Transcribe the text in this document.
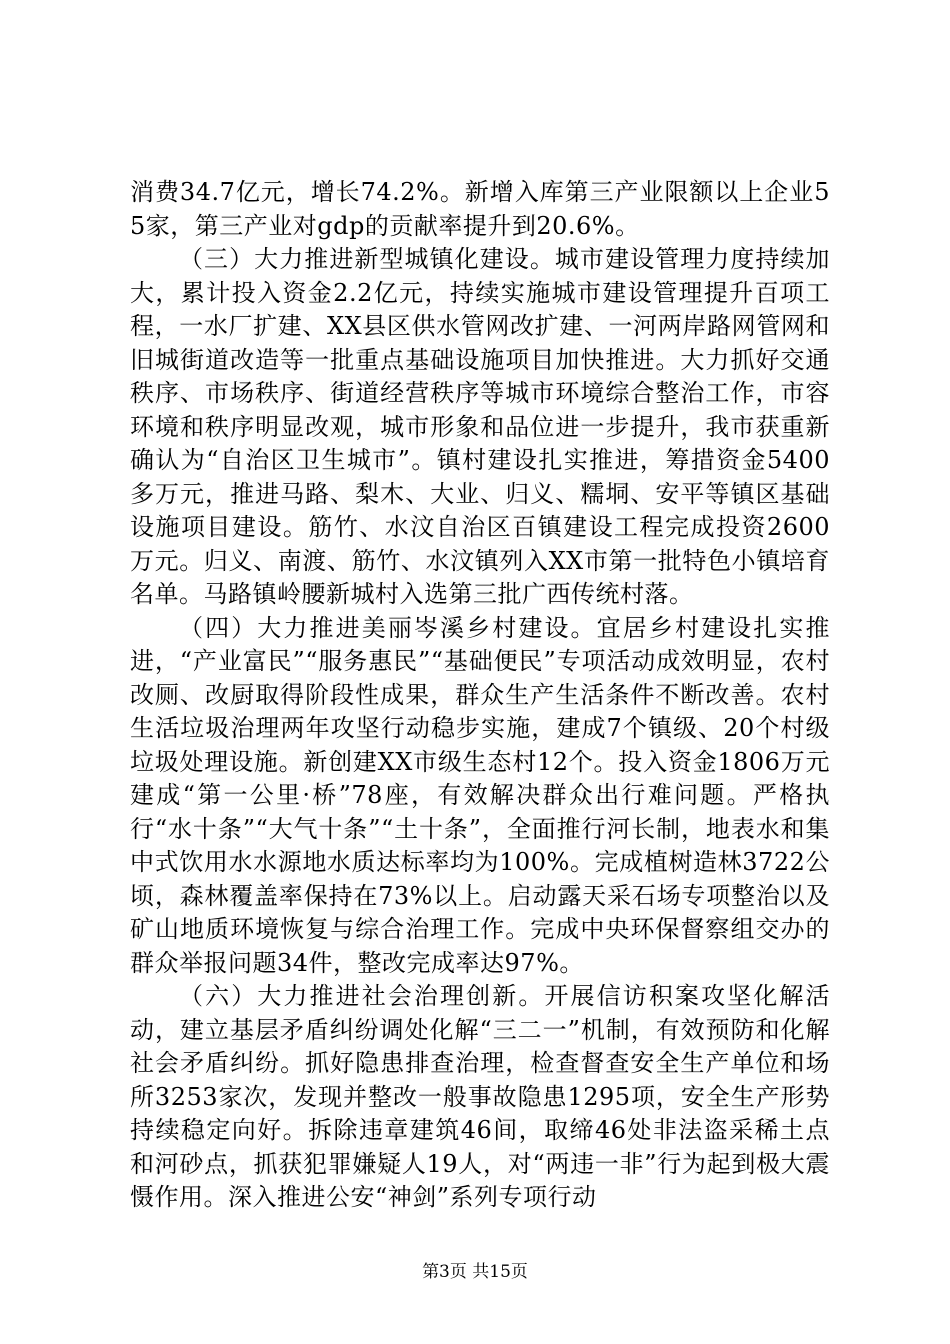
消费34.7亿元，增长74.2%。新增入库第三产业限额以上企业55家，第三产业对gdp的贡献率提升到20.6%。

（三）大力推进新型城镇化建设。城市建设管理力度持续加大，累计投入资金2.2亿元，持续实施城市建设管理提升百项工程，一水厂扩建、XX县区供水管网改扩建、一河两岸路网管网和旧城街道改造等一批重点基础设施项目加快推进。大力抓好交通秩序、市场秩序、街道经营秩序等城市环境综合整治工作，市容环境和秩序明显改观，城市形象和品位进一步提升，我市获重新确认为“自治区卫生城市”。镇村建设扎实推进，筹措资金5400多万元，推进马路、梨木、大业、归义、糯垌、安平等镇区基础设施项目建设。筋竹、水汶自治区百镇建设工程完成投资2600万元。归义、南渡、筋竹、水汶镇列入XX市第一批特色小镇培育名单。马路镇岭腰新城村入选第三批广西传统村落。

（四）大力推进美丽岑溪乡村建设。宜居乡村建设扎实推进，“产业富民”“服务惠民”“基础便民”专项活动成效明显，农村改厕、改厨取得阶段性成果，群众生产生活条件不断改善。农村生活垃圾治理两年攻坚行动稳步实施，建成7个镇级、20个村级垃圾处理设施。新创建XX市级生态村12个。投入资金1806万元建成“第一公里·桥”78座，有效解决群众出行难问题。严格执行“水十条”“大气十条”“土十条”，全面推行河长制，地表水和集中式饮用水水源地水质达标率均为100%。完成植树造林3722公顷，森林覆盖率保持在73%以上。启动露天采石场专项整治以及矿山地质环境恢复与综合治理工作。完成中央环保督察组交办的群众举报问题34件，整改完成率达97%。

（六）大力推进社会治理创新。开展信访积案攻坚化解活动，建立基层矛盾纠纷调处化解“三二一”机制，有效预防和化解社会矛盾纠纷。抓好隐患排查治理，检查督查安全生产单位和场所3253家次，发现并整改一般事故隐患1295项，安全生产形势持续稳定向好。拆除违章建筑46间，取缔46处非法盗采稀土点和河砂点，抓获犯罪嫌疑人19人，对“两违一非”行为起到极大震慑作用。深入推进公安“神剑”系列专项行动

第3页 共15页
